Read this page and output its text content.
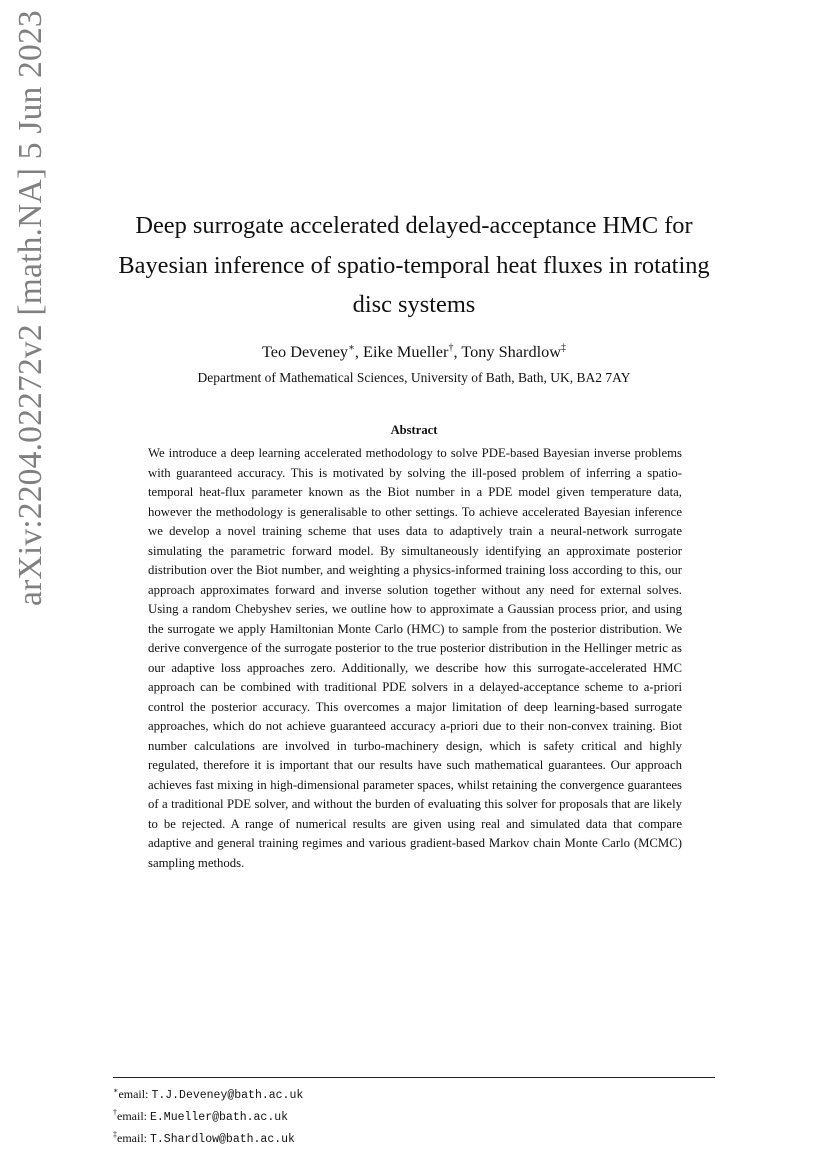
arXiv:2204.02272v2 [math.NA] 5 Jun 2023	Deep surrogate accelerated delayed-acceptance HMC for Bayesian inference of spatio-temporal heat fluxes in rotating disc systems
Teo Deveney∗, Eike Mueller†, Tony Shardlow‡
Department of Mathematical Sciences, University of Bath, Bath, UK, BA2 7AY
Abstract

We introduce a deep learning accelerated methodology to solve PDE-based Bayesian inverse problems with guaranteed accuracy. This is motivated by solving the ill-posed problem of inferring a spatio-temporal heat-flux parameter known as the Biot number in a PDE model given temperature data, however the methodology is generalisable to other settings. To achieve accelerated Bayesian inference we develop a novel training scheme that uses data to adaptively train a neural-network surrogate simulating the parametric forward model. By simultaneously identifying an approximate posterior distribution over the Biot number, and weighting a physics-informed training loss according to this, our approach approximates forward and inverse solution together without any need for external solves. Using a random Chebyshev series, we outline how to approximate a Gaussian process prior, and using the surrogate we apply Hamiltonian Monte Carlo (HMC) to sample from the posterior distribution. We derive convergence of the surrogate posterior to the true posterior distribution in the Hellinger metric as our adaptive loss approaches zero. Additionally, we describe how this surrogate-accelerated HMC approach can be combined with traditional PDE solvers in a delayed-acceptance scheme to a-priori control the posterior accuracy. This overcomes a major limitation of deep learning-based surrogate approaches, which do not achieve guaranteed accuracy a-priori due to their non-convex training. Biot number calculations are involved in turbo-machinery design, which is safety critical and highly regulated, therefore it is important that our results have such mathematical guarantees. Our approach achieves fast mixing in high-dimensional parameter spaces, whilst retaining the convergence guarantees of a traditional PDE solver, and without the burden of evaluating this solver for proposals that are likely to be rejected. A range of numerical results are given using real and simulated data that compare adaptive and general training regimes and various gradient-based Markov chain Monte Carlo (MCMC) sampling methods.

∗email: T.J.Deveney@bath.ac.uk
†email: E.Mueller@bath.ac.uk
‡email: T.Shardlow@bath.ac.uk
